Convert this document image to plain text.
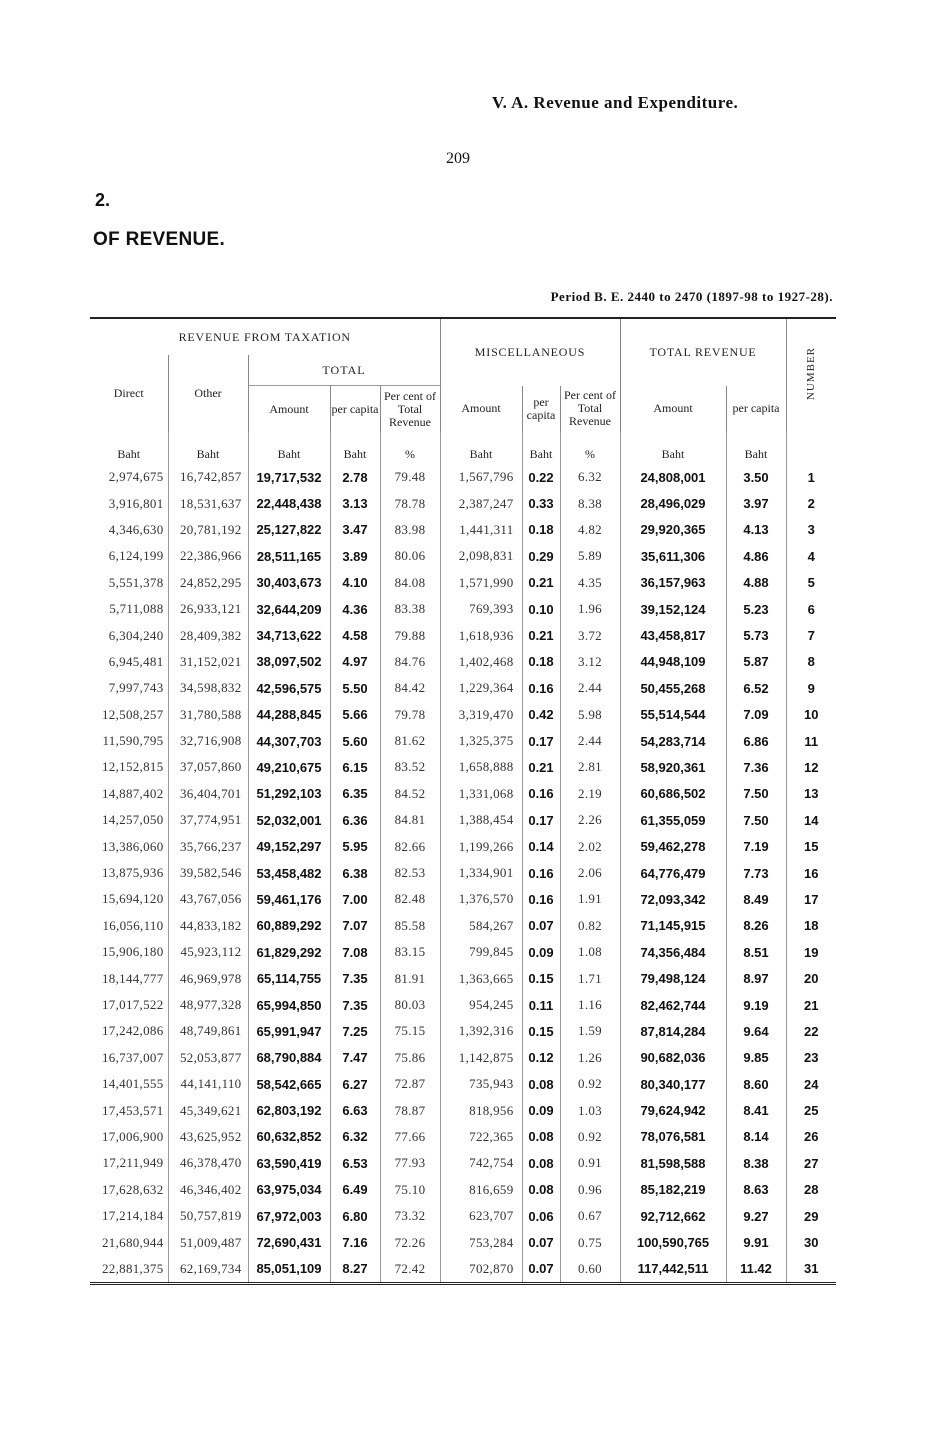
V. A. Revenue and Expenditure.
209
2.
OF REVENUE.
Period B. E. 2440 to 2470 (1897-98 to 1927-28).

REVENUE FROM TAXATION					MISCELLANEOUS			TOTAL REVENUE		NUMBER
Direct	Other	TOTAL								
		Amount	per capita	Per cent of Total Revenue	Amount	per capita	Per cent of Total Revenue	Amount	per capita	
Baht	Baht	Baht	Baht	%	Baht	Baht	%	Baht	Baht	
2,974,675	16,742,857	19,717,532	2.78	79.48	1,567,796	0.22	6.32	24,808,001	3.50	1
3,916,801	18,531,637	22,448,438	3.13	78.78	2,387,247	0.33	8.38	28,496,029	3.97	2
4,346,630	20,781,192	25,127,822	3.47	83.98	1,441,311	0.18	4.82	29,920,365	4.13	3
6,124,199	22,386,966	28,511,165	3.89	80.06	2,098,831	0.29	5.89	35,611,306	4.86	4
5,551,378	24,852,295	30,403,673	4.10	84.08	1,571,990	0.21	4.35	36,157,963	4.88	5
5,711,088	26,933,121	32,644,209	4.36	83.38	769,393	0.10	1.96	39,152,124	5.23	6
6,304,240	28,409,382	34,713,622	4.58	79.88	1,618,936	0.21	3.72	43,458,817	5.73	7
6,945,481	31,152,021	38,097,502	4.97	84.76	1,402,468	0.18	3.12	44,948,109	5.87	8
7,997,743	34,598,832	42,596,575	5.50	84.42	1,229,364	0.16	2.44	50,455,268	6.52	9
12,508,257	31,780,588	44,288,845	5.66	79.78	3,319,470	0.42	5.98	55,514,544	7.09	10
11,590,795	32,716,908	44,307,703	5.60	81.62	1,325,375	0.17	2.44	54,283,714	6.86	11
12,152,815	37,057,860	49,210,675	6.15	83.52	1,658,888	0.21	2.81	58,920,361	7.36	12
14,887,402	36,404,701	51,292,103	6.35	84.52	1,331,068	0.16	2.19	60,686,502	7.50	13
14,257,050	37,774,951	52,032,001	6.36	84.81	1,388,454	0.17	2.26	61,355,059	7.50	14
13,386,060	35,766,237	49,152,297	5.95	82.66	1,199,266	0.14	2.02	59,462,278	7.19	15
13,875,936	39,582,546	53,458,482	6.38	82.53	1,334,901	0.16	2.06	64,776,479	7.73	16
15,694,120	43,767,056	59,461,176	7.00	82.48	1,376,570	0.16	1.91	72,093,342	8.49	17
16,056,110	44,833,182	60,889,292	7.07	85.58	584,267	0.07	0.82	71,145,915	8.26	18
15,906,180	45,923,112	61,829,292	7.08	83.15	799,845	0.09	1.08	74,356,484	8.51	19
18,144,777	46,969,978	65,114,755	7.35	81.91	1,363,665	0.15	1.71	79,498,124	8.97	20
17,017,522	48,977,328	65,994,850	7.35	80.03	954,245	0.11	1.16	82,462,744	9.19	21
17,242,086	48,749,861	65,991,947	7.25	75.15	1,392,316	0.15	1.59	87,814,284	9.64	22
16,737,007	52,053,877	68,790,884	7.47	75.86	1,142,875	0.12	1.26	90,682,036	9.85	23
14,401,555	44,141,110	58,542,665	6.27	72.87	735,943	0.08	0.92	80,340,177	8.60	24
17,453,571	45,349,621	62,803,192	6.63	78.87	818,956	0.09	1.03	79,624,942	8.41	25
17,006,900	43,625,952	60,632,852	6.32	77.66	722,365	0.08	0.92	78,076,581	8.14	26
17,211,949	46,378,470	63,590,419	6.53	77.93	742,754	0.08	0.91	81,598,588	8.38	27
17,628,632	46,346,402	63,975,034	6.49	75.10	816,659	0.08	0.96	85,182,219	8.63	28
17,214,184	50,757,819	67,972,003	6.80	73.32	623,707	0.06	0.67	92,712,662	9.27	29
21,680,944	51,009,487	72,690,431	7.16	72.26	753,284	0.07	0.75	100,590,765	9.91	30
22,881,375	62,169,734	85,051,109	8.27	72.42	702,870	0.07	0.60	117,442,511	11.42	31
